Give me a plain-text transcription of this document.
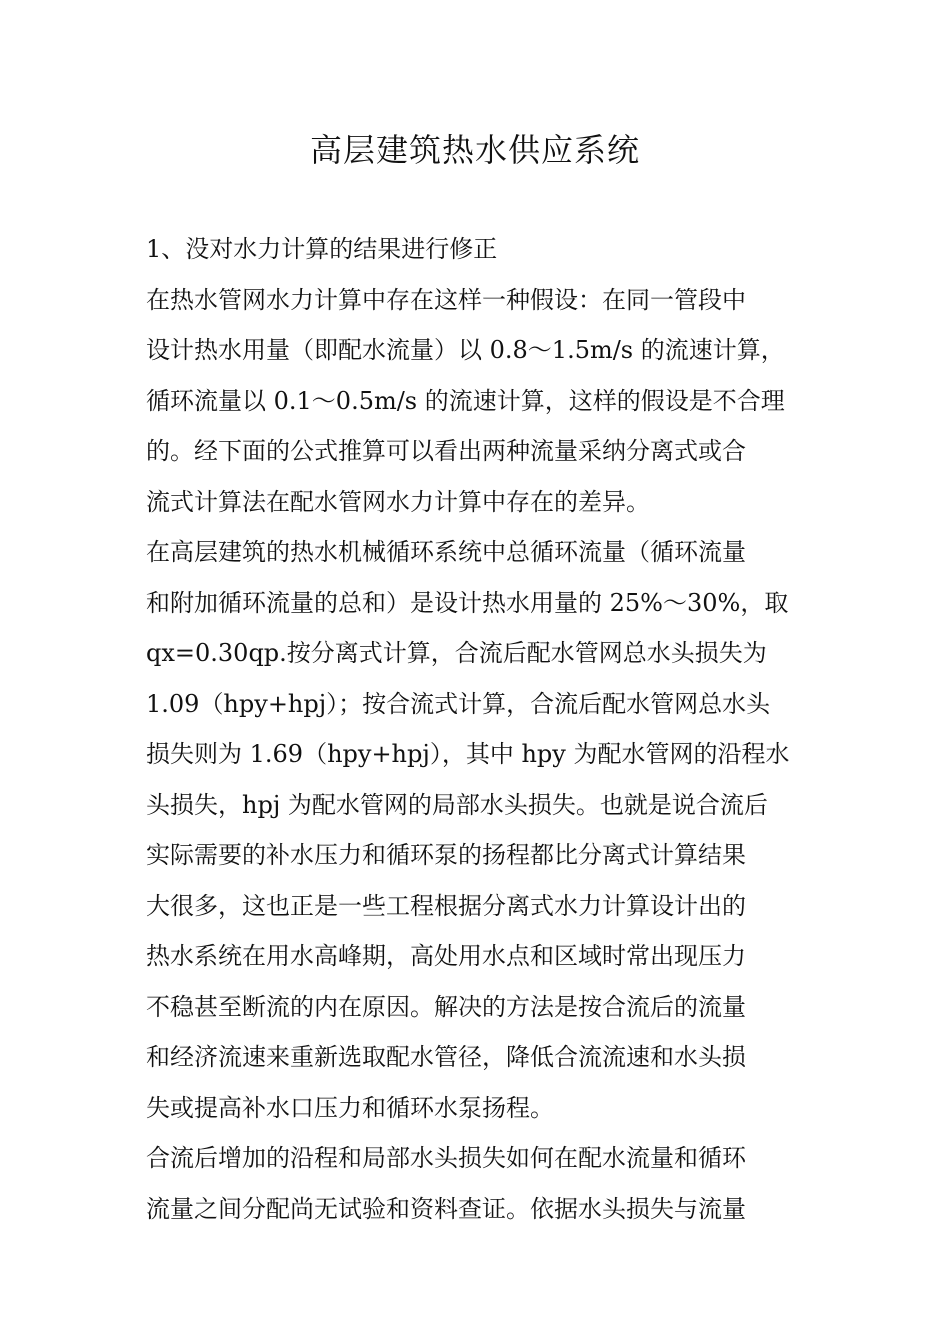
高层建筑热水供应系统
1、没对水力计算的结果进行修正
在热水管网水力计算中存在这样一种假设：在同一管段中
设计热水用量（即配水流量）以 0.8～1.5m/s 的流速计算，
循环流量以 0.1～0.5m/s 的流速计算，这样的假设是不合理
的。经下面的公式推算可以看出两种流量采纳分离式或合
流式计算法在配水管网水力计算中存在的差异。
在高层建筑的热水机械循环系统中总循环流量（循环流量
和附加循环流量的总和）是设计热水用量的 25%～30%，取
qx=0.30qp.按分离式计算，合流后配水管网总水头损失为
1.09（hpy+hpj）；按合流式计算，合流后配水管网总水头
损失则为 1.69（hpy+hpj），其中 hpy 为配水管网的沿程水
头损失，hpj 为配水管网的局部水头损失。也就是说合流后
实际需要的补水压力和循环泵的扬程都比分离式计算结果
大很多，这也正是一些工程根据分离式水力计算设计出的
热水系统在用水高峰期，高处用水点和区域时常出现压力
不稳甚至断流的内在原因。解决的方法是按合流后的流量
和经济流速来重新选取配水管径，降低合流流速和水头损
失或提高补水口压力和循环水泵扬程。
合流后增加的沿程和局部水头损失如何在配水流量和循环
流量之间分配尚无试验和资料查证。依据水头损失与流量
